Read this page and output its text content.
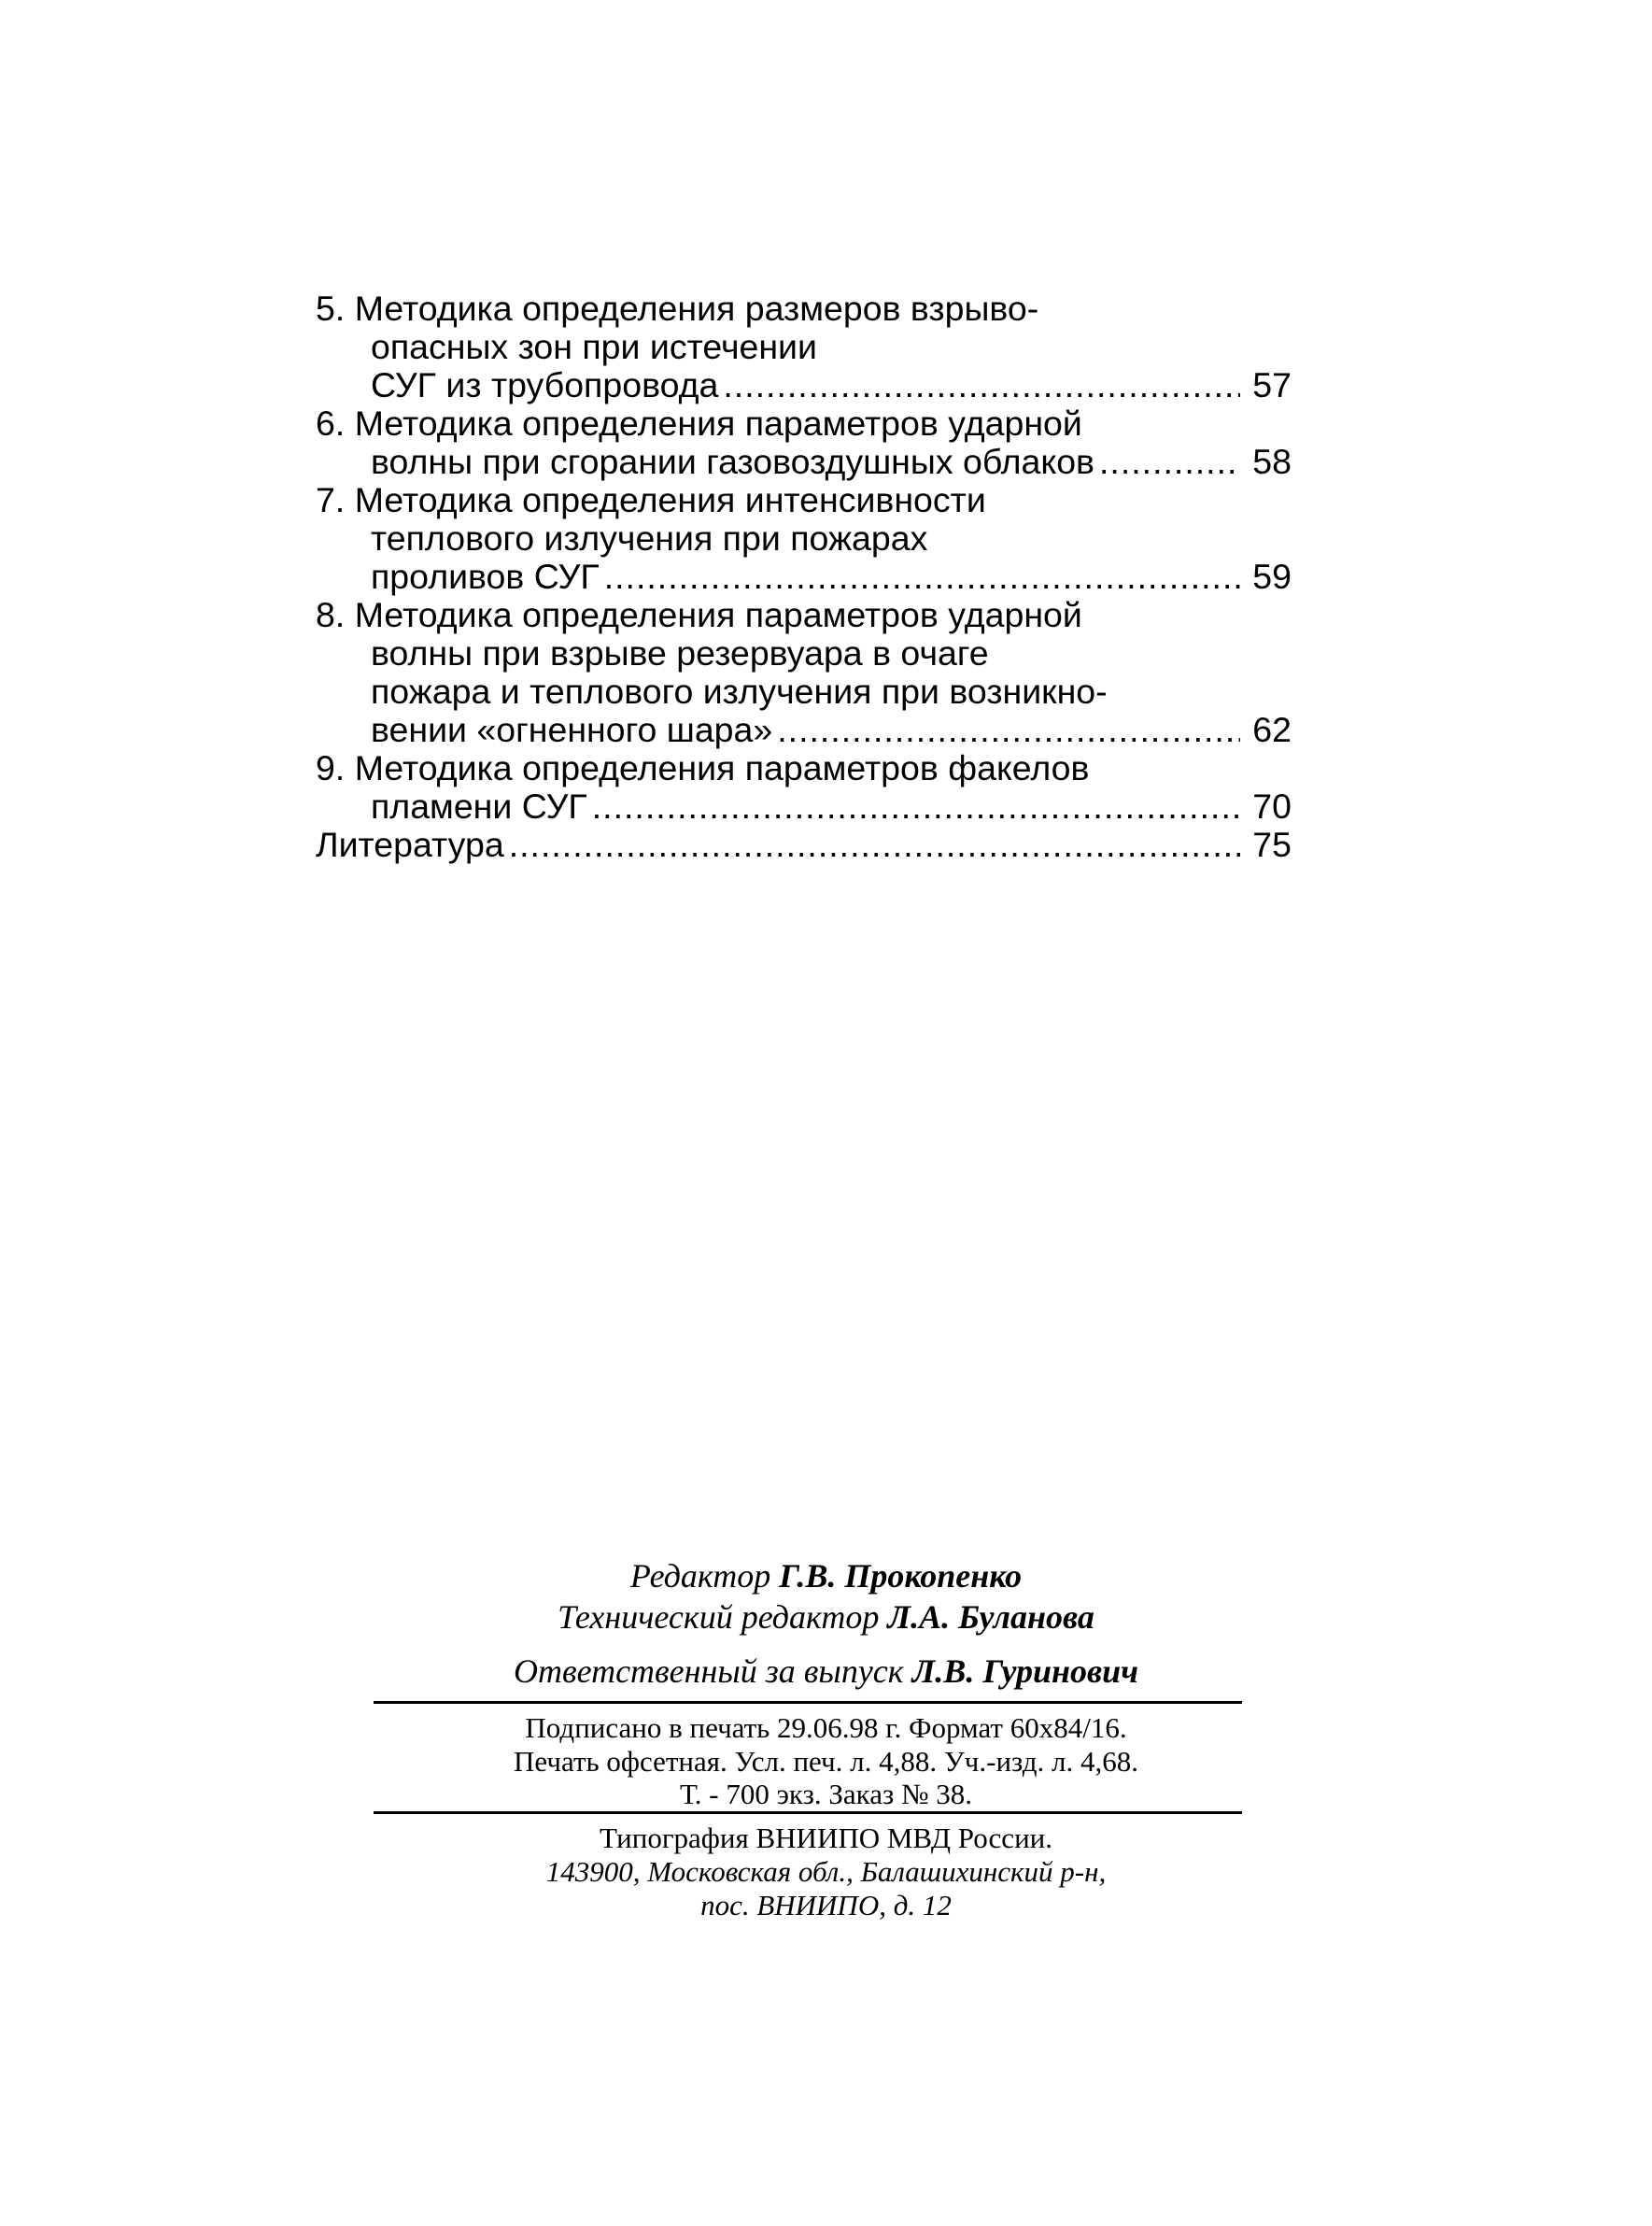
5. Методика определения размеров взрыво-
опасных зон при истечении
СУГ из трубопровода .....	57
6. Методика определения параметров ударной
волны при сгорании газовоздушных облаков .....	58
7. Методика определения интенсивности
теплового излучения при пожарах
проливов СУГ .....	59
8. Методика определения параметров ударной
волны при взрыве резервуара в очаге
пожара и теплового излучения при возникно-
вении «огненного шара» .....	62
9. Методика определения параметров факелов
пламени СУГ .....	70
Литература .....	75
Редактор Г.В. Прокопенко
Технический редактор Л.А. Буланова
Ответственный за выпуск Л.В. Гуринович
Подписано в печать 29.06.98 г. Формат 60x84/16.
Печать офсетная. Усл. печ. л. 4,88. Уч.-изд. л. 4,68.
Т. - 700 экз. Заказ № 38.
Типография ВНИИПО МВД России.
143900, Московская обл., Балашихинский р-н,
пос. ВНИИПО, д. 12
